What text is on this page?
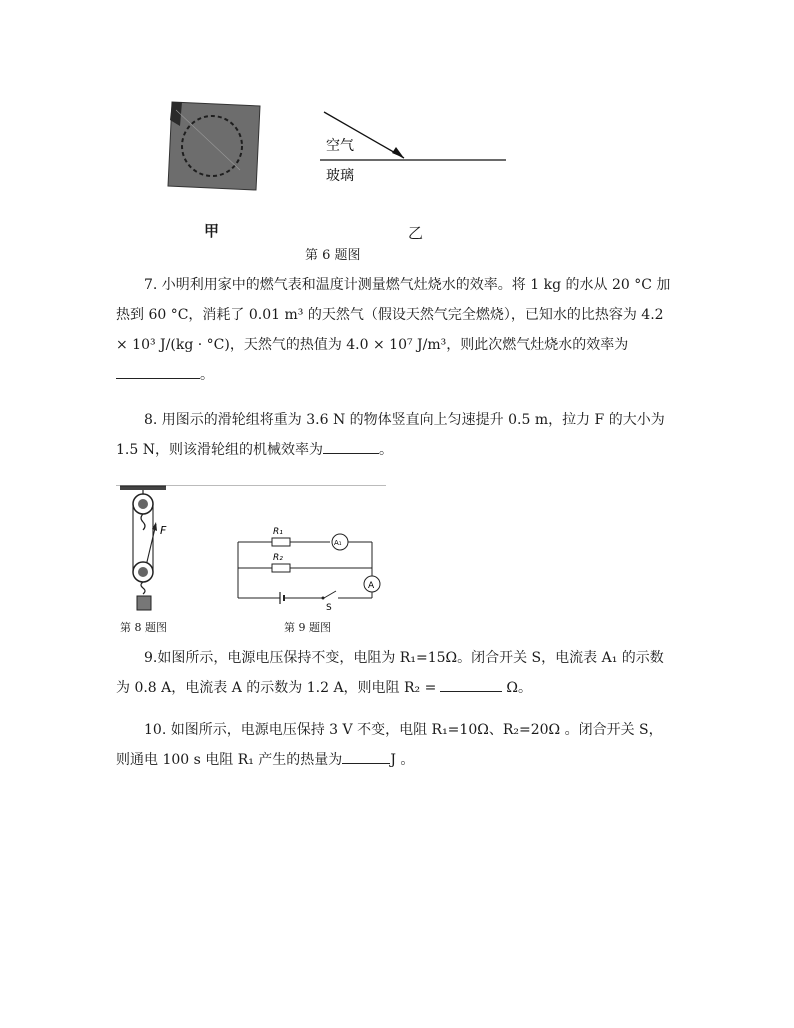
空气
玻璃
甲	乙
第 6 题图
7. 小明利用家中的燃气表和温度计测量燃气灶烧水的效率。将 1 kg 的水从 20 °C 加热到 60 °C，消耗了 0.01 m³ 的天然气（假设天然气完全燃烧），已知水的比热容为 4.2 × 10³ J/(kg · °C)，天然气的热值为 4.0 × 10⁷ J/m³，则此次燃气灶烧水的效率为。
8. 用图示的滑轮组将重为 3.6 N 的物体竖直向上匀速提升 0.5 m，拉力 F 的大小为 1.5 N，则该滑轮组的机械效率为	。
F
第 8 题图
R₁
A₁
R₂
A
S
第 9 题图
9.如图所示，电源电压保持不变，电阻为 R₁=15Ω。闭合开关 S，电流表 A₁ 的示数为 0.8 A，电流表 A 的示数为 1.2 A，则电阻 R₂ =	Ω。
10. 如图所示，电源电压保持 3 V 不变，电阻 R₁=10Ω、R₂=20Ω 。闭合开关 S，则通电 100 s 电阻 R₁ 产生的热量为	J 。
